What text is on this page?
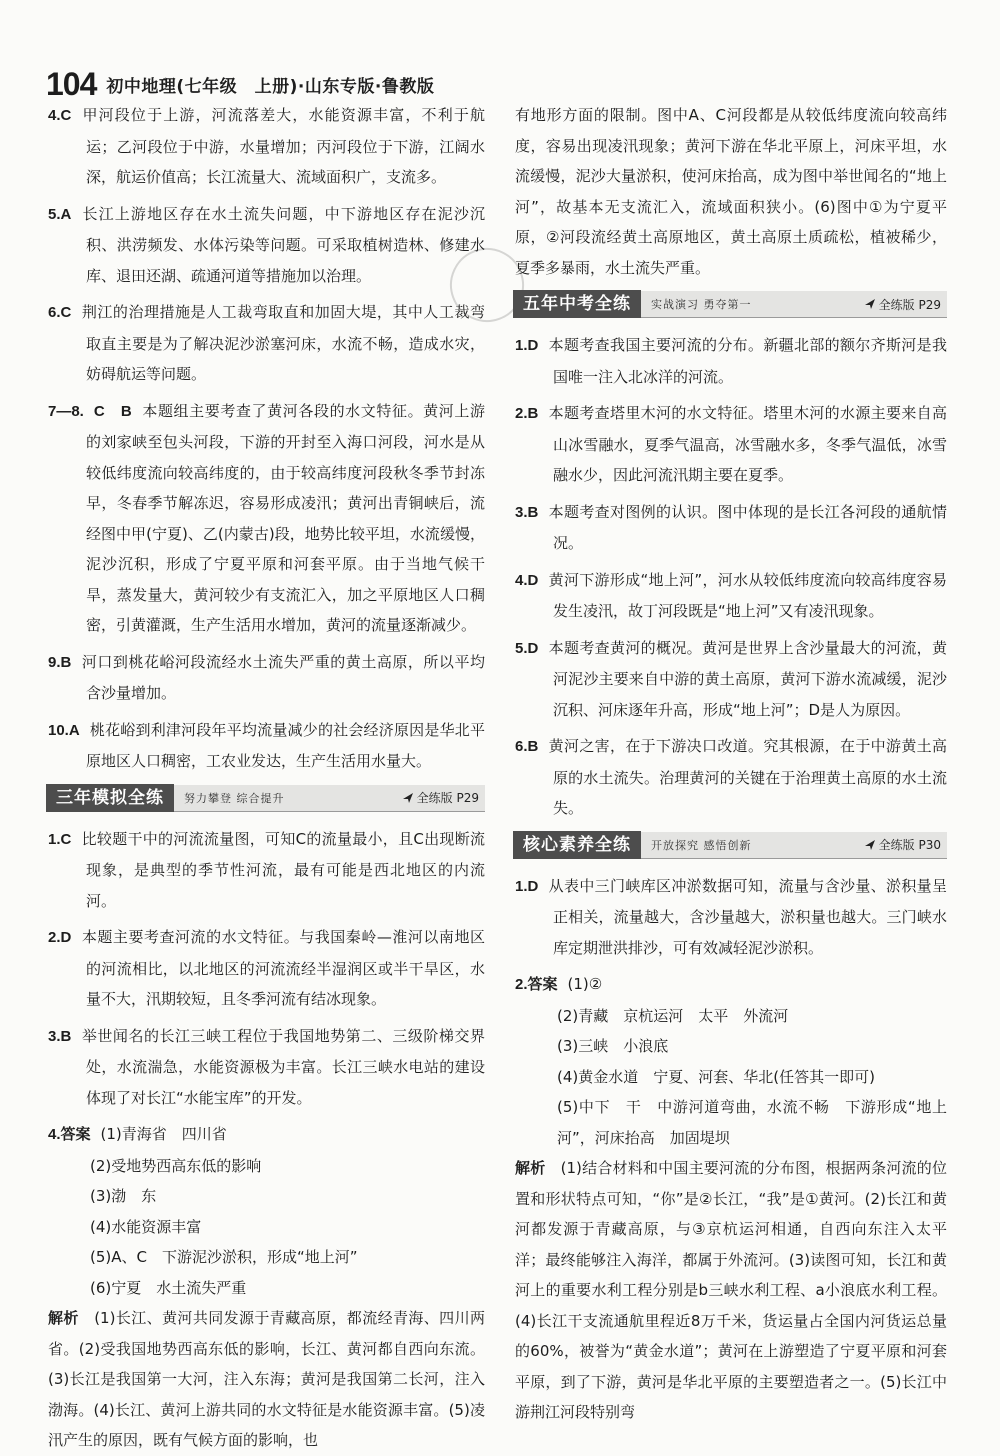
104 初中地理(七年级　上册)·山东专版·鲁教版
4.C 甲河段位于上游，河流落差大，水能资源丰富，不利于航运；乙河段位于中游，水量增加；丙河段位于下游，江阔水深，航运价值高；长江流量大、流域面积广，支流多。
5.A 长江上游地区存在水土流失问题，中下游地区存在泥沙沉积、洪涝频发、水体污染等问题。可采取植树造林、修建水库、退田还湖、疏通河道等措施加以治理。
6.C 荆江的治理措施是人工裁弯取直和加固大堤，其中人工裁弯取直主要是为了解决泥沙淤塞河床，水流不畅，造成水灾，妨碍航运等问题。
7—8. C　B 本题组主要考查了黄河各段的水文特征。黄河上游的刘家峡至包头河段，下游的开封至入海口河段，河水是从较低纬度流向较高纬度的，由于较高纬度河段秋冬季节封冻早，冬春季节解冻迟，容易形成凌汛；黄河出青铜峡后，流经图中甲(宁夏)、乙(内蒙古)段，地势比较平坦，水流缓慢，泥沙沉积，形成了宁夏平原和河套平原。由于当地气候干旱，蒸发量大，黄河较少有支流汇入，加之平原地区人口稠密，引黄灌溉，生产生活用水增加，黄河的流量逐渐减少。
9.B 河口到桃花峪河段流经水土流失严重的黄土高原，所以平均含沙量增加。
10.A 桃花峪到利津河段年平均流量减少的社会经济原因是华北平原地区人口稠密，工农业发达，生产生活用水量大。
三年模拟全练	努力攀登 综合提升	全练版 P29
1.C 比较题干中的河流流量图，可知C的流量最小，且C出现断流现象，是典型的季节性河流，最有可能是西北地区的内流河。
2.D 本题主要考查河流的水文特征。与我国秦岭—淮河以南地区的河流相比，以北地区的河流流经半湿润区或半干旱区，水量不大，汛期较短，且冬季河流有结冰现象。
3.B 举世闻名的长江三峡工程位于我国地势第二、三级阶梯交界处，水流湍急，水能资源极为丰富。长江三峡水电站的建设体现了对长江“水能宝库”的开发。
4.答案 (1)青海省　四川省
(2)受地势西高东低的影响
(3)渤　东
(4)水能资源丰富
(5)A、C　下游泥沙淤积，形成“地上河”
(6)宁夏　水土流失严重
解析　 (1)长江、黄河共同发源于青藏高原，都流经青海、四川两省。(2)受我国地势西高东低的影响，长江、黄河都自西向东流。(3)长江是我国第一大河，注入东海；黄河是我国第二长河，注入渤海。(4)长江、黄河上游共同的水文特征是水能资源丰富。(5)凌汛产生的原因，既有气候方面的影响，也
有地形方面的限制。图中A、C河段都是从较低纬度流向较高纬度，容易出现凌汛现象；黄河下游在华北平原上，河床平坦，水流缓慢，泥沙大量淤积，使河床抬高，成为图中举世闻名的“地上河”，故基本无支流汇入，流域面积狭小。(6)图中①为宁夏平原，②河段流经黄土高原地区，黄土高原土质疏松，植被稀少，夏季多暴雨，水土流失严重。
五年中考全练	实战演习 勇夺第一	全练版 P29
1.D 本题考查我国主要河流的分布。新疆北部的额尔齐斯河是我国唯一注入北冰洋的河流。
2.B 本题考查塔里木河的水文特征。塔里木河的水源主要来自高山冰雪融水，夏季气温高，冰雪融水多，冬季气温低，冰雪融水少，因此河流汛期主要在夏季。
3.B 本题考查对图例的认识。图中体现的是长江各河段的通航情况。
4.D 黄河下游形成“地上河”，河水从较低纬度流向较高纬度容易发生凌汛，故丁河段既是“地上河”又有凌汛现象。
5.D 本题考查黄河的概况。黄河是世界上含沙量最大的河流，黄河泥沙主要来自中游的黄土高原，黄河下游水流减缓，泥沙沉积、河床逐年升高，形成“地上河”；D是人为原因。
6.B 黄河之害，在于下游决口改道。究其根源，在于中游黄土高原的水土流失。治理黄河的关键在于治理黄土高原的水土流失。
核心素养全练	开放探究 感悟创新	全练版 P30
1.D 从表中三门峡库区冲淤数据可知，流量与含沙量、淤积量呈正相关，流量越大，含沙量越大，淤积量也越大。三门峡水库定期泄洪排沙，可有效减轻泥沙淤积。
2.答案 (1)②
(2)青藏　京杭运河　太平　外流河
(3)三峡　小浪底
(4)黄金水道　宁夏、河套、华北(任答其一即可)
(5)中下　干　中游河道弯曲，水流不畅　下游形成“地上河”，河床抬高　加固堤坝
解析　 (1)结合材料和中国主要河流的分布图，根据两条河流的位置和形状特点可知，“你”是②长江，“我”是①黄河。(2)长江和黄河都发源于青藏高原，与③京杭运河相通，自西向东注入太平洋；最终能够注入海洋，都属于外流河。(3)读图可知，长江和黄河上的重要水利工程分别是b三峡水利工程、a小浪底水利工程。(4)长江干支流通航里程近8万千米，货运量占全国内河货运总量的60%，被誉为“黄金水道”；黄河在上游塑造了宁夏平原和河套平原，到了下游，黄河是华北平原的主要塑造者之一。(5)长江中游荆江河段特别弯
